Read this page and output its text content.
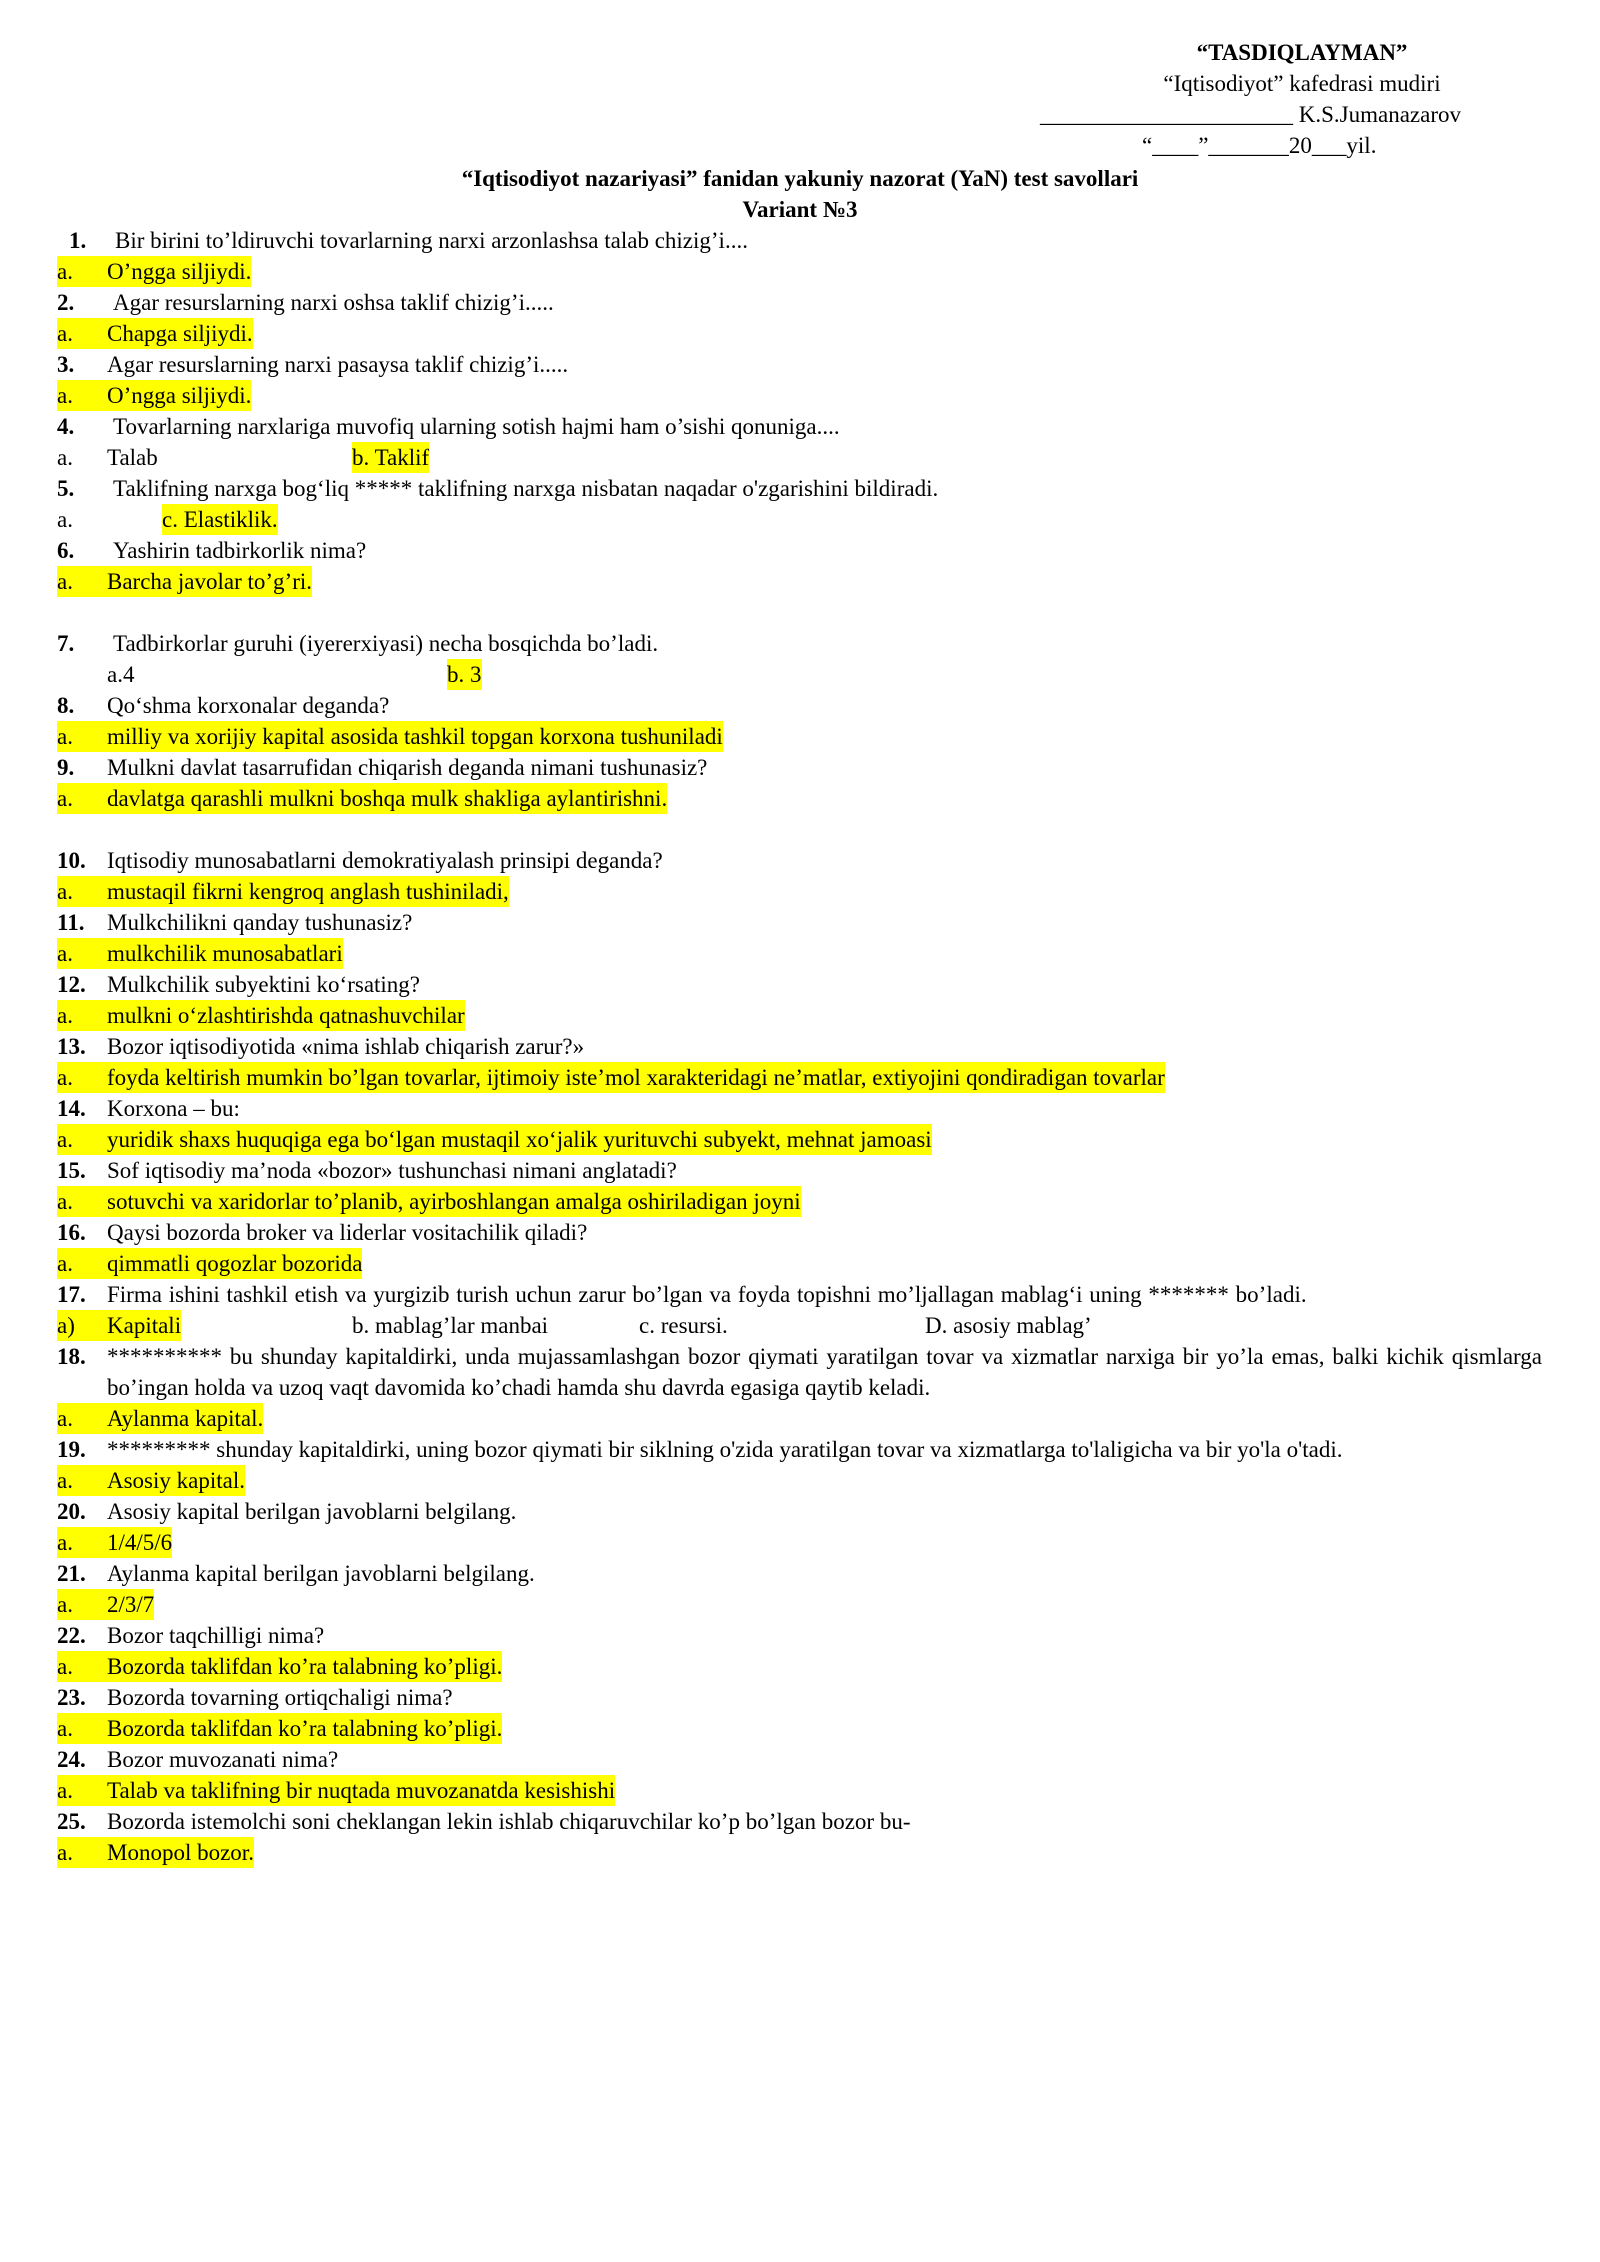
“TASDIQLAYMAN”
“Iqtisodiyot” kafedrasi mudiri
______________________ K.S.Jumanazarov
“____”_______20___yil.
“Iqtisodiyot nazariyasi” fanidan yakuniy nazorat (YaN) test savollari
Variant №3
1. Bir birini to’ldiruvchi tovarlarning narxi arzonlashsa talab chizig’i....
a. O’ngga siljiydi.
2. Agar resurslarning narxi oshsa taklif chizig’i.....
a. Chapga siljiydi.
3. Agar resurslarning narxi pasaysa taklif chizig’i.....
a. O’ngga siljiydi.
4. Tovarlarning narxlariga muvofiq ularning sotish hajmi ham o’sishi qonuniga....
a. Talab	b. Taklif
5. Taklifning narxga bog‘liq ***** taklifning narxga nisbatan naqadar o'zgarishini bildiradi.
a.	c. Elastiklik.
6. Yashirin tadbirkorlik nima?
a. Barcha javolar to’g’ri.
7. Tadbirkorlar guruhi (iyererxiyasi) necha bosqichda bo’ladi.
a.4	b. 3
8. Qo‘shma korxonalar deganda?
a. milliy va xorijiy kapital asosida tashkil topgan korxona tushuniladi
9. Mulkni davlat tasarrufidan chiqarish deganda nimani tushunasiz?
a. davlatga qarashli mulkni boshqa mulk shakliga aylantirishni.
10. Iqtisodiy munosabatlarni demokratiyalash prinsipi deganda?
a. mustaqil fikrni kengroq anglash tushiniladi,
11. Mulkchilikni qanday tushunasiz?
a. mulkchilik munosabatlari
12. Mulkchilik subyektini ko‘rsating?
a. mulkni o‘zlashtirishda qatnashuvchilar
13. Bozor iqtisodiyotida «nima ishlab chiqarish zarur?»
a. foyda keltirish mumkin bo’lgan tovarlar, ijtimoiy iste’mol xarakteridagi ne’matlar, extiyojini qondiradigan tovarlar
14. Korxona – bu:
a. yuridik shaxs huquqiga ega bo‘lgan mustaqil xo‘jalik yurituvchi subyekt, mehnat jamoasi
15. Sof iqtisodiy ma’noda «bozor» tushunchasi nimani anglatadi?
a. sotuvchi va xaridorlar to’planib, ayirboshlangan amalga oshiriladigan joyni
16. Qaysi bozorda broker va liderlar vositachilik qiladi?
a. qimmatli qogozlar bozorida
17. Firma ishini tashkil etish va yurgizib turish uchun zarur bo’lgan va foyda topishni mo’ljallagan mablag‘i uning ******* bo’ladi.
a) Kapitali	b. mablag’lar manbai	c. resursi.	D. asosiy mablag’
18. ********** bu shunday kapitaldirki, unda mujassamlashgan bozor qiymati yaratilgan tovar va xizmatlar narxiga bir yo’la emas, balki kichik qismlarga bo’ingan holda va uzoq vaqt davomida ko’chadi hamda shu davrda egasiga qaytib keladi.
a. Aylanma kapital.
19. ********* shunday kapitaldirki, uning bozor qiymati bir siklning o'zida yaratilgan tovar va xizmatlarga to'laligicha va bir yo'la o'tadi.
a. Asosiy kapital.
20. Asosiy kapital berilgan javoblarni belgilang.
a. 1/4/5/6
21. Aylanma kapital berilgan javoblarni belgilang.
a. 2/3/7
22. Bozor taqchilligi nima?
a. Bozorda taklifdan ko’ra talabning ko’pligi.
23. Bozorda tovarning ortiqchaligi nima?
a. Bozorda taklifdan ko’ra talabning ko’pligi.
24. Bozor muvozanati nima?
a. Talab va taklifning bir nuqtada muvozanatda kesishishi
25. Bozorda istemolchi soni cheklangan lekin ishlab chiqaruvchilar ko’p bo’lgan bozor bu-
a. Monopol bozor.
